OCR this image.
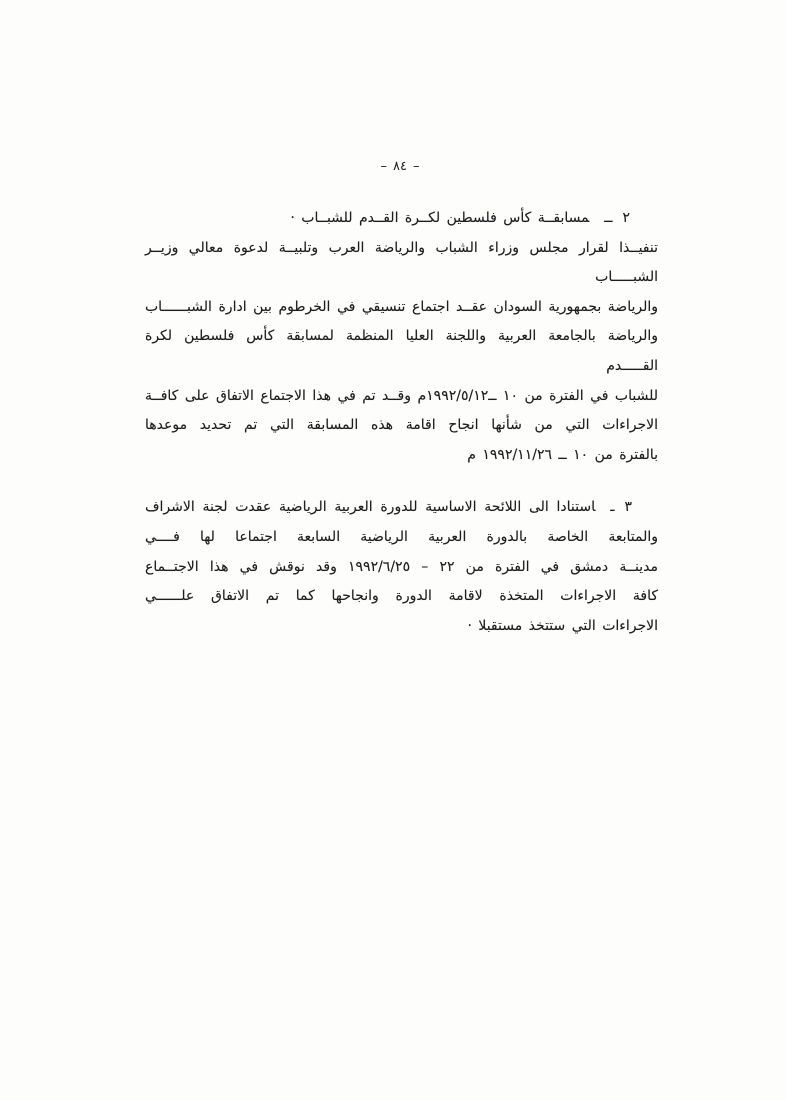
–٨٤–
٢ــمسابقــة كأس فلسطين لكــرة القــدم للشبــاب ·
تنفيــذا لقرار مجلس وزراء الشباب والرياضة العرب وتلبيــة لدعوة معالي وزيــر الشبـــــاب
والرياضة بجمهورية السودان عقــد اجتماع تنسيقي في الخرطوم بين ادارة الشبــــــاب
والرياضة بالجامعة العربية واللجنة العليا المنظمة لمسابقة كأس فلسطين لكرة القـــــدم
للشباب في الفترة من ١٠ ــ١٩٩٢/٥/١٢م وقــد تم في هذا الاجتماع الاتفاق على كافــة
الاجراءات التي من شأنها انجاح اقامة هذه المسابقة التي تم تحديد موعدها
بالفترة من ١٠ ــ ١٩٩٢/١١/٢٦ م
٣ـاستنادا الى اللائحة الاساسية للدورة العربية الرياضية عقدت لجنة الاشراف
والمتابعة الخاصة بالدورة العربية الرياضية السابعة اجتماعا لها فــــي
مدينــة دمشق في الفترة من ٢٢ – ١٩٩٢/٦/٢٥ وقد نوقش في هذا الاجتــماع
كافة الاجراءات المتخذة لاقامة الدورة وانجاحها كما تم الاتفاق علــــــي
الاجراءات التي ستتخذ مستقبلا ·
